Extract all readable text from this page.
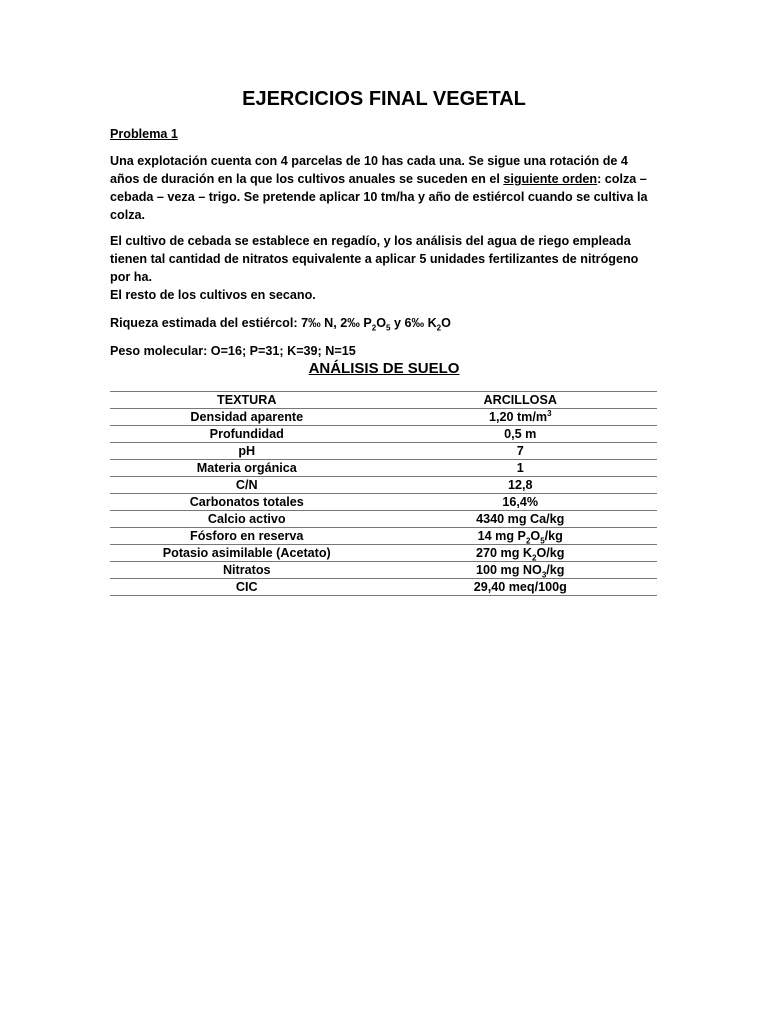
EJERCICIOS FINAL VEGETAL
Problema 1

Una explotación cuenta con 4 parcelas de 10 has cada una. Se sigue una rotación de 4 años de duración en la que los cultivos anuales se suceden en el siguiente orden: colza – cebada – veza – trigo. Se pretende aplicar 10 tm/ha y año de estiércol cuando se cultiva la colza.

El cultivo de cebada se establece en regadío, y los análisis del agua de riego empleada tienen tal cantidad de nitratos equivalente a aplicar 5 unidades fertilizantes de nitrógeno por ha.
El resto de los cultivos en secano.

Riqueza estimada del estiércol: 7‰ N, 2‰ $P_2O_5$ y 6‰ $K_2O$

Peso molecular: O=16; P=31; K=39; N=15

ANÁLISIS DE SUELO
TEXTURA	ARCILLOSA
Densidad aparente	1,20 $tm/m^3$
Profundidad	0,5 m
pH	7
Materia orgánica	1
C/N	12,8
Carbonatos totales	16,4%
Calcio activo	4340 mg Ca/kg
Fósforo en reserva	14 mg $P_2O_5/kg$
Potasio asimilable (Acetato)	270 mg $K_2O/kg$
Nitratos	100 mg $NO_3/kg$
CIC	29,40 meq/100g
